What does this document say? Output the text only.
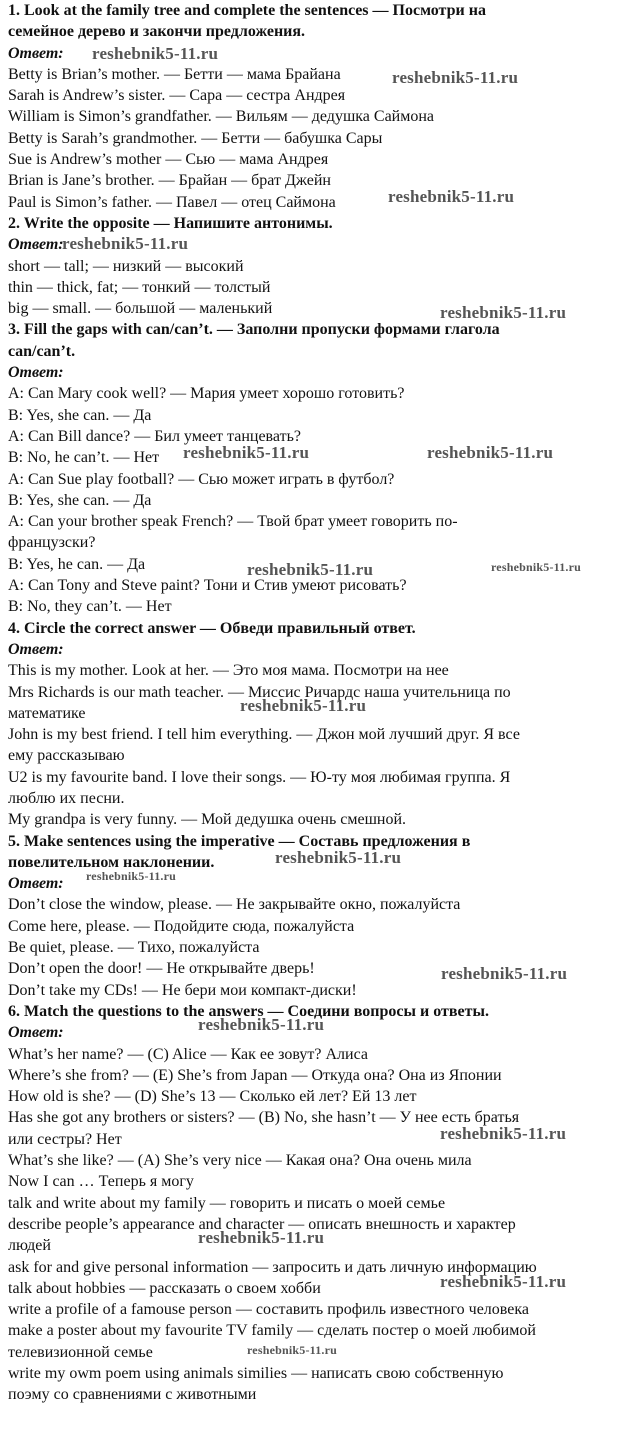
1. Look at the family tree and complete the sentences — Посмотри на
семейное дерево и закончи предложения.
Ответ:
Betty is Brian’s mother. — Бетти — мама Брайана
Sarah is Andrew’s sister. — Сара — сестра Андрея
William is Simon’s grandfather. — Вильям — дедушка Саймона
Betty is Sarah’s grandmother. — Бетти — бабушка Сары
Sue is Andrew’s mother — Сью — мама Андрея
Brian is Jane’s brother. — Брайан — брат Джейн
Paul is Simon’s father. — Павел — отец Саймона
2. Write the opposite — Напишите антонимы.
Ответ:
short — tall; — низкий — высокий
thin — thick, fat; — тонкий — толстый
big — small. — большой — маленький
3. Fill the gaps with can/can’t. — Заполни пропуски формами глагола
can/can’t.
Ответ:
A: Can Mary cook well? — Мария умеет хорошо готовить?
B: Yes, she can. — Да
A: Can Bill dance? — Бил умеет танцевать?
B: No, he can’t. — Нет
A: Can Sue play football? — Сью может играть в футбол?
B: Yes, she can. — Да
A: Can your brother speak French? — Твой брат умеет говорить по-
французски?
B: Yes, he can. — Да
A: Can Tony and Steve paint? Тони и Стив умеют рисовать?
B: No, they can’t. — Нет
4. Circle the correct answer — Обведи правильный ответ.
Ответ:
This is my mother. Look at her. — Это моя мама. Посмотри на нее
Mrs Richards is our math teacher. — Миссис Ричардс наша учительница по
математике
John is my best friend. I tell him everything. — Джон мой лучший друг. Я все
ему рассказываю
U2 is my favourite band. I love their songs. — Ю-ту моя любимая группа. Я
люблю их песни.
My grandpa is very funny. — Мой дедушка очень смешной.
5. Make sentences using the imperative — Составь предложения в
повелительном наклонении.
Ответ:
Don’t close the window, please. — Не закрывайте окно, пожалуйста
Come here, please. — Подойдите сюда, пожалуйста
Be quiet, please. — Тихо, пожалуйста
Don’t open the door! — Не открывайте дверь!
Don’t take my CDs! — Не бери мои компакт-диски!
6. Match the questions to the answers — Соедини вопросы и ответы.
Ответ:
What’s her name? — (C) Alice — Как ее зовут? Алиса
Where’s she from? — (E) She’s from Japan — Откуда она? Она из Японии
How old is she? — (D) She’s 13 — Сколько ей лет? Ей 13 лет
Has she got any brothers or sisters? — (B) No, she hasn’t — У нее есть братья
или сестры? Нет
What’s she like? — (A) She’s very nice — Какая она? Она очень мила
Now I can … Теперь я могу
talk and write about my family — говорить и писать о моей семье
describe people’s appearance and character — описать внешность и характер
людей
ask for and give personal information — запросить и дать личную информацию
talk about hobbies — рассказать о своем хобби
write a profile of a famouse person — составить профиль известного человека
make a poster about my favourite TV family — сделать постер о моей любимой
телевизионной семье
write my owm poem using animals similies — написать свою собственную
поэму со сравнениями с животными
reshebnik5-11.ru
reshebnik5-11.ru
reshebnik5-11.ru
reshebnik5-11.ru
reshebnik5-11.ru
reshebnik5-11.ru	reshebnik5-11.ru
reshebnik5-11.ru	reshebnik5-11.ru
reshebnik5-11.ru
reshebnik5-11.ru
reshebnik5-11.ru
reshebnik5-11.ru
reshebnik5-11.ru
reshebnik5-11.ru
reshebnik5-11.ru
reshebnik5-11.ru
reshebnik5-11.ru
